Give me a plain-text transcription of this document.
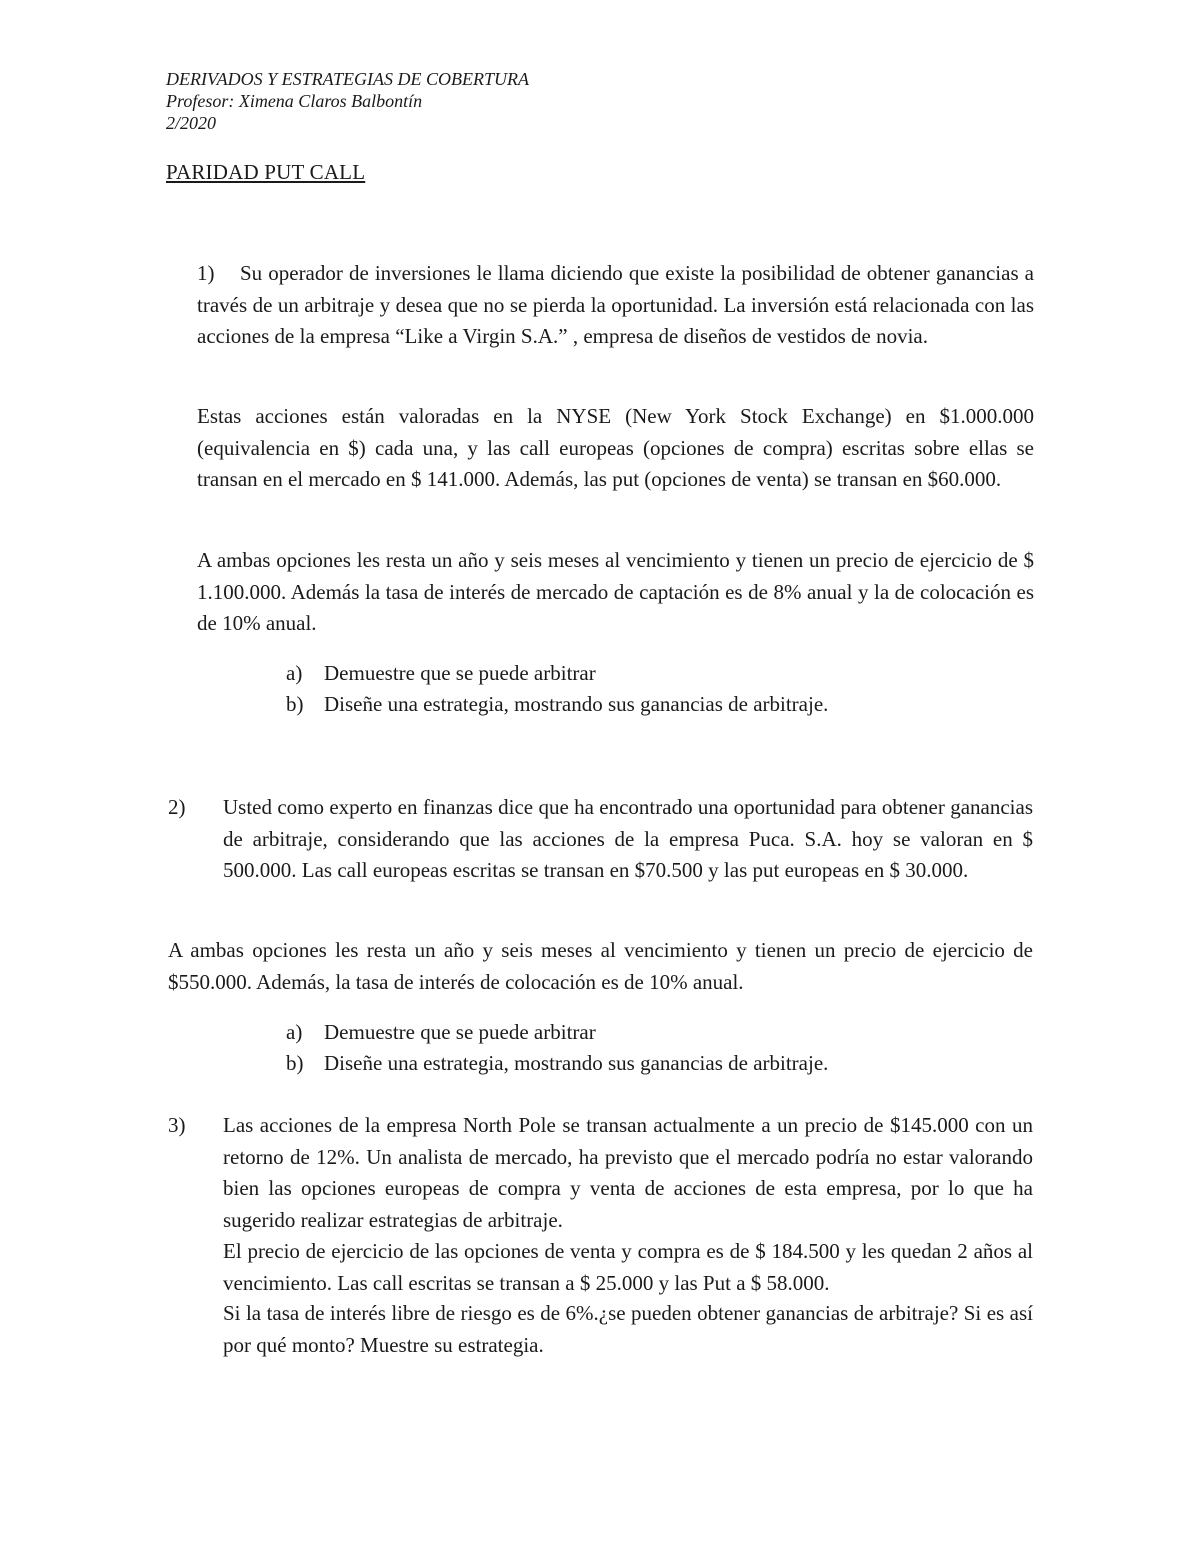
DERIVADOS Y ESTRATEGIAS DE COBERTURA
Profesor: Ximena Claros Balbontín
2/2020
PARIDAD PUT CALL
1)	Su operador de inversiones le llama diciendo que existe la posibilidad de obtener ganancias a través de un arbitraje y desea que no se pierda la oportunidad. La inversión está relacionada con las acciones de la empresa “Like a Virgin S.A.” , empresa de diseños de vestidos de novia.
Estas acciones están valoradas en la NYSE (New York Stock Exchange) en $1.000.000 (equivalencia en $) cada una, y las call europeas (opciones de compra) escritas sobre ellas se transan en el mercado en $ 141.000. Además, las put (opciones de venta) se transan en $60.000.
A ambas opciones les resta un año y seis meses al vencimiento y tienen un precio de ejercicio de $ 1.100.000. Además la tasa de interés de mercado de captación es de 8% anual y la de colocación es de 10% anual.
a) Demuestre que se puede arbitrar
b) Diseñe una estrategia, mostrando sus ganancias de arbitraje.
2) Usted como experto en finanzas dice que ha encontrado una oportunidad para obtener ganancias de arbitraje, considerando que las acciones de la empresa Puca. S.A. hoy se valoran en $ 500.000. Las call europeas escritas se transan en $70.500 y las put europeas en $ 30.000.
A ambas opciones les resta un año y seis meses al vencimiento y tienen un precio de ejercicio de $550.000. Además, la tasa de interés de colocación es de 10% anual.
a) Demuestre que se puede arbitrar
b) Diseñe una estrategia, mostrando sus ganancias de arbitraje.
3) Las acciones de la empresa North Pole se transan actualmente a un precio de $145.000 con un retorno de 12%. Un analista de mercado, ha previsto que el mercado podría no estar valorando bien las opciones europeas de compra y venta de acciones de esta empresa, por lo que ha sugerido realizar estrategias de arbitraje.
El precio de ejercicio de las opciones de venta y compra es de $ 184.500 y les quedan 2 años al vencimiento. Las call escritas se transan a $ 25.000 y las Put a $ 58.000.
Si la tasa de interés libre de riesgo es de 6%.¿se pueden obtener ganancias de arbitraje? Si es así por qué monto? Muestre su estrategia.
